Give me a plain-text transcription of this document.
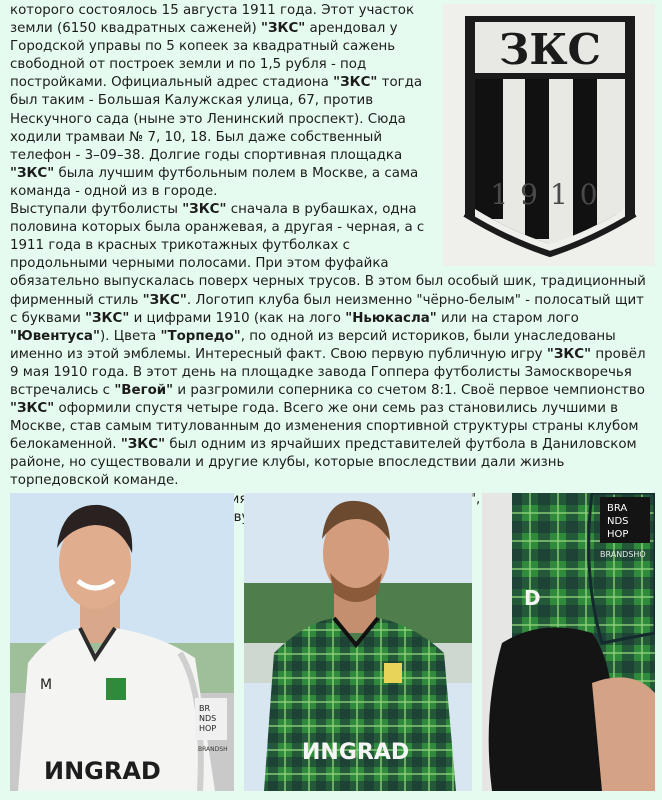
ЗКС
1910

которого состоялось 15 августа 1911 года. Этот участок земли (6150 квадратных саженей) "ЗКС" арендовал у Городской управы по 5 копеек за квадратный сажень свободной от построек земли и по 1,5 рубля - под постройками. Официальный адрес стадиона "ЗКС" тогда был таким - Большая Калужская улица, 67, против Нескучного сада (ныне это Ленинский проспект). Сюда ходили трамваи № 7, 10, 18. Был даже собственный телефон - 3–09–38. Долгие годы спортивная площадка "ЗКС" была лучшим футбольным полем в Москве, а сама команда - одной из в городе.

Выступали футболисты "ЗКС" сначала в рубашках, одна половина которых была оранжевая, а другая - черная, а с 1911 года в красных трикотажных футболках с продольными черными полосами. При этом фуфайка обязательно выпускалась поверх черных трусов. В этом был особый шик, традиционный фирменный стиль "ЗКС". Логотип клуба был неизменно "чёрно-белым" - полосатый щит с буквами "ЗКС" и цифрами 1910 (как на лого "Ньюкасла" или на старом лого "Ювентуса"). Цвета "Торпедо", по одной из версий историков, были унаследованы именно из этой эмблемы. Интересный факт. Свою первую публичную игру "ЗКС" провёл 9 мая 1910 года. В этот день на площадке завода Гоппера футболисты Замоскворечья встречались с "Вегой" и разгромили соперника со счетом 8:1. Своё первое чемпионство "ЗКС" оформили спустя четыре года. Всего же они семь раз становились лучшими в Москве, став самым титулованным до изменения спортивной структуры страны клубом белокаменной. "ЗКС" был одним из ярчайших представителей футбола в Даниловском районе, но существовали и другие клубы, которые впоследствии дали жизнь торпедовской команде.

M
BR
NDS
HOP
BRANDSH
ИNGRAD
ИNGRAD
BRA
NDS
HOP
BRANDSHO
D
